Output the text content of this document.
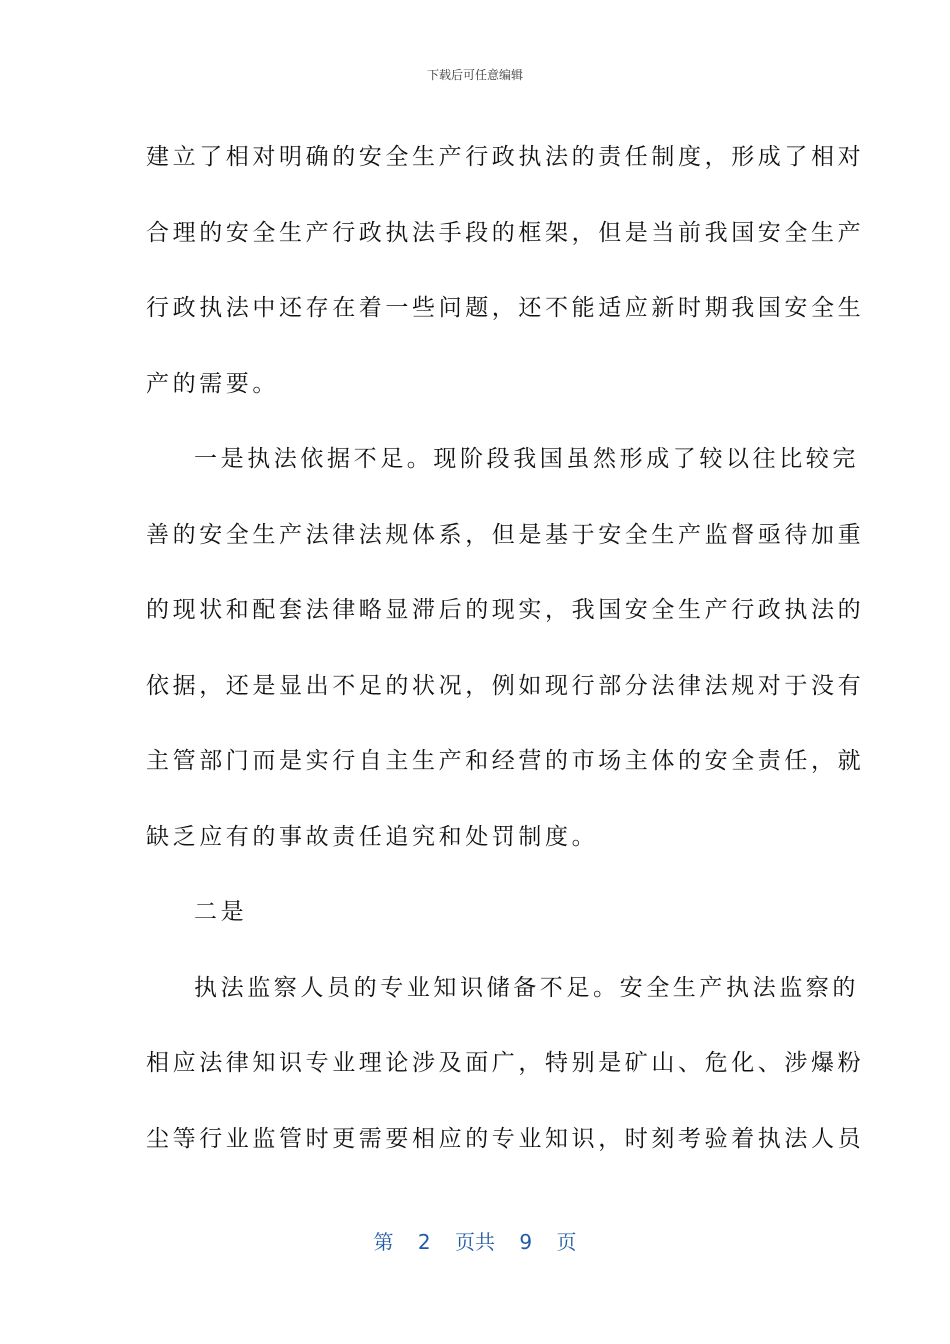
下载后可任意编辑
建立了相对明确的安全生产行政执法的责任制度，形成了相对
合理的安全生产行政执法手段的框架，但是当前我国安全生产
行政执法中还存在着一些问题，还不能适应新时期我国安全生
产的需要。
一是执法依据不足。现阶段我国虽然形成了较以往比较完
善的安全生产法律法规体系，但是基于安全生产监督亟待加重
的现状和配套法律略显滞后的现实，我国安全生产行政执法的
依据，还是显出不足的状况，例如现行部分法律法规对于没有
主管部门而是实行自主生产和经营的市场主体的安全责任，就
缺乏应有的事故责任追究和处罚制度。
二是
执法监察人员的专业知识储备不足。安全生产执法监察的
相应法律知识专业理论涉及面广，特别是矿山、危化、涉爆粉
尘等行业监管时更需要相应的专业知识，时刻考验着执法人员
第 2 页共 9 页
